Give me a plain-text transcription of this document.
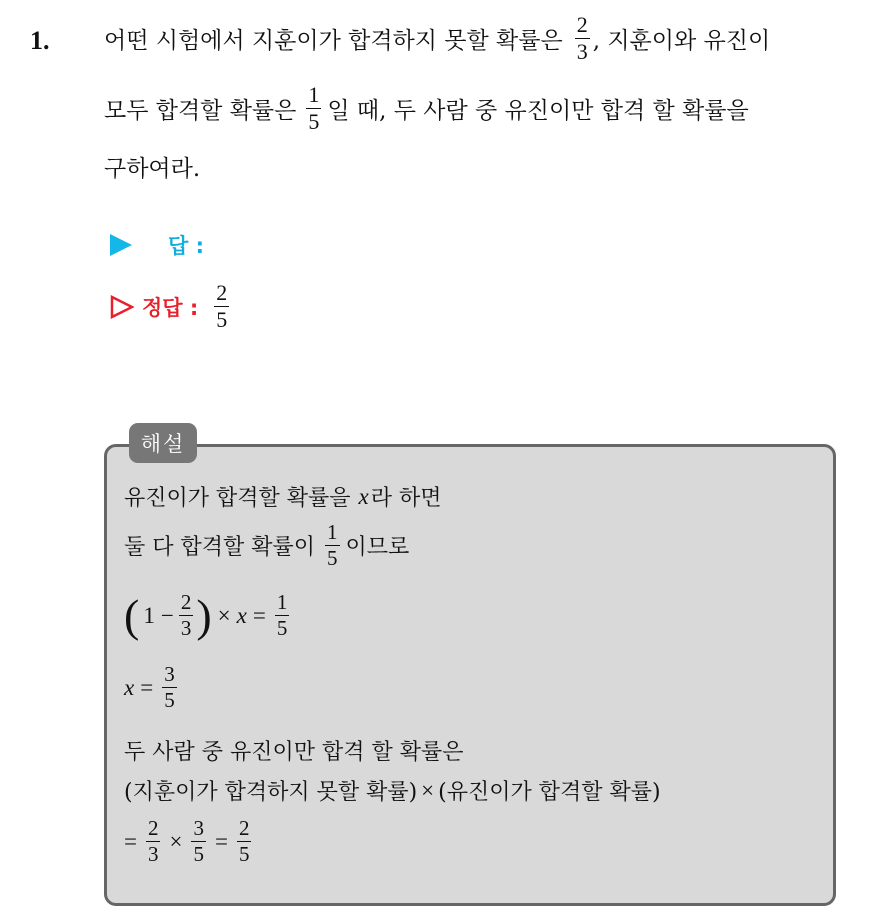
1. 어떤 시험에서 지훈이가 합격하지 못할 확률은 $\frac{2}{3}$ , 지훈이와 유진이
모두 합격할 확률은 $\frac{1}{5}$ 일 때, 두 사람 중 유진이만 합격 할 확률을
구하여라.
답 :
정답 : $\frac{2}{5}$
해설
유진이가 합격할 확률을 x 라 하면
둘 다 합격할 확률이 $\frac{1}{5}$ 이므로
( $1 - \frac{2}{3}$ ) × $x = \frac{1}{5}$
$x = \frac{3}{5}$
두 사람 중 유진이만 합격 할 확률은
(지훈이가 합격하지 못할 확률) × (유진이가 합격할 확률)
= $\frac{2}{3} \times \frac{3}{5} = \frac{2}{5}$
